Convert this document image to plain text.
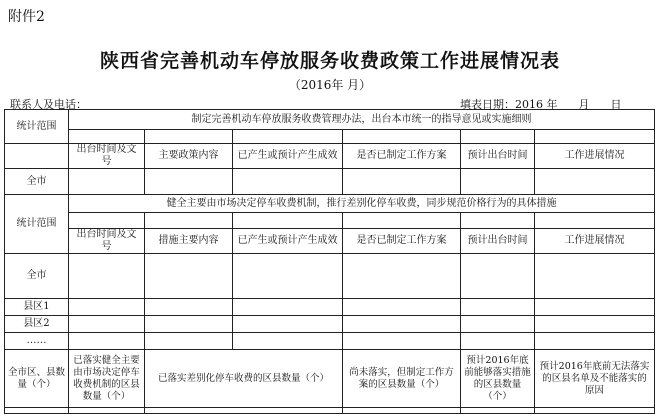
附件2
陕西省完善机动车停放服务收费政策工作进展情况表
（2016年 月）
联系人及电话：	填表日期：2016 年      月      日
统计范围	制定完善机动车停放服务收费管理办法，出台本市统一的指导意见或实施细则					

	出台时间及文号	主要政策内容	已产生或预计产生成效	是否已制定工作方案	预计出台时间	工作进展情况
全市						
统计范围	健全主要由市场决定停车收费机制，推行差别化停车收费，同步规范价格行为的具体措施					

	出台时间及文号	措施主要内容	已产生或预计产生成效	是否已制定工作方案	预计出台时间	工作进展情况
全市						
县区1						
县区2						
……						
全市区、县数量（个）	已落实健全主要由市场决定停车收费机制的区县数量（个）	已落实差别化停车收费的区县数量（个）		尚未落实，但制定工作方案的区县数量（个）	预计2016年底前能够落实措施的区县数量（个）	预计2016年底前无法落实的区县名单及不能落实的原因
